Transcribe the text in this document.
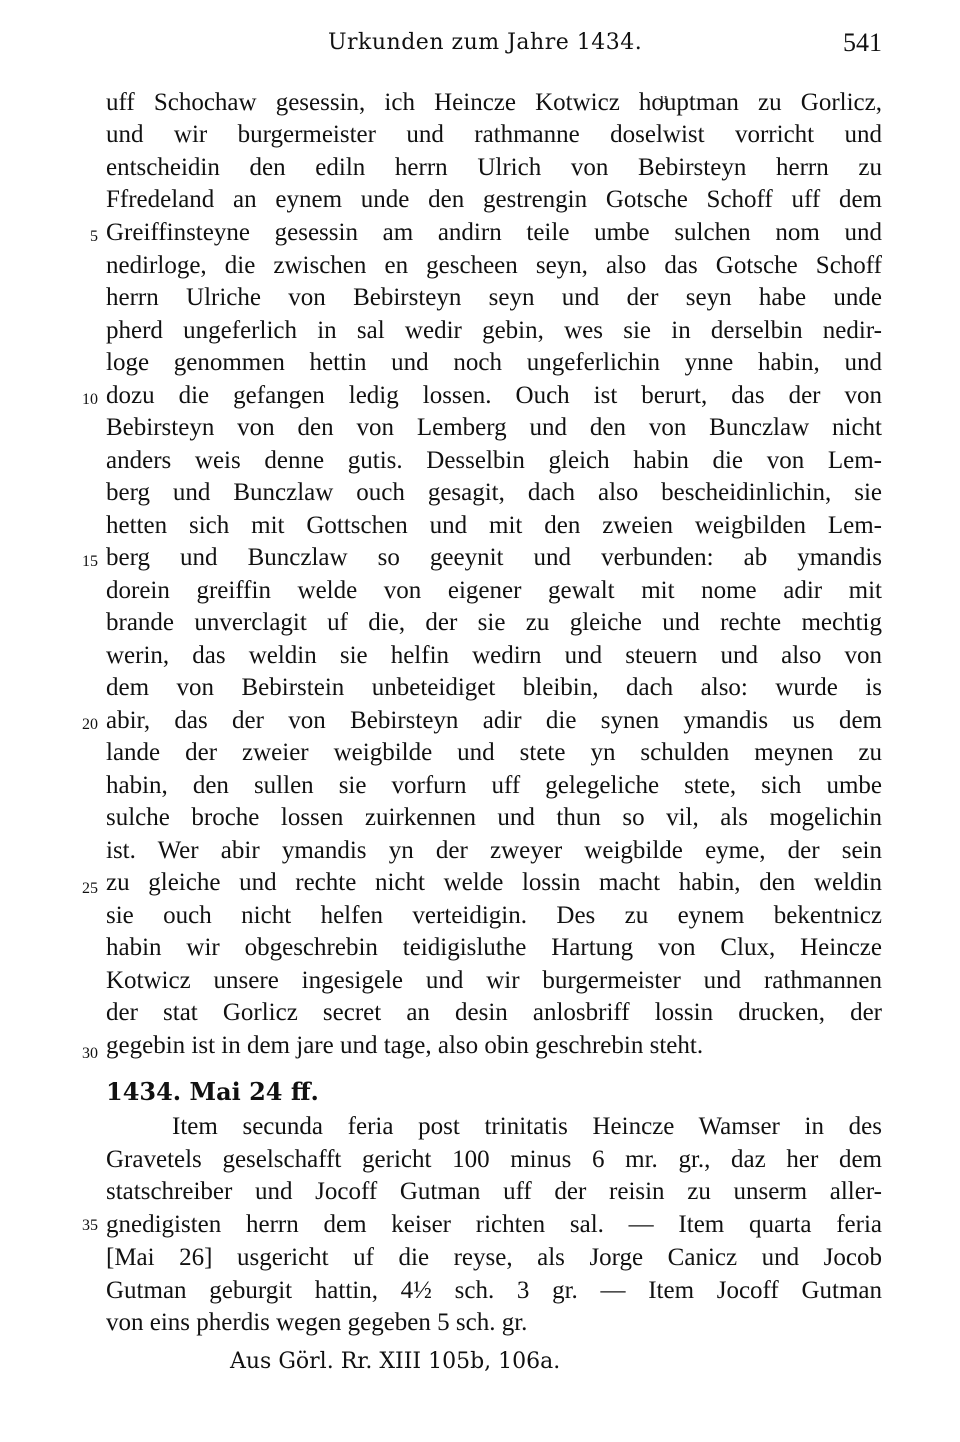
Urkunden zum Jahre 1434.	541
5
10
15
20
25
30
35
uff Schochaw gesessin, ich Heincze Kotwicz hoͧuptman zu Gorlicz,
und wir burgermeister und rathmanne doselwist vorricht und
entscheidin den ediln herrn Ulrich von Bebirsteyn herrn zu
Ffredeland an eynem unde den gestrengin Gotsche Schoff uff dem
Greiffinsteyne gesessin am andirn teile umbe sulchen nom und
nedirloge, die zwischen en gescheen seyn, also das Gotsche Schoff
herrn Ulriche von Bebirsteyn seyn und der seyn habe unde
pherd ungeferlich in sal wedir gebin, wes sie in derselbin nedir-
loge genommen hettin und noch ungeferlichin ynne habin, und
dozu die gefangen ledig lossen. Ouch ist berurt, das der von
Bebirsteyn von den von Lemberg und den von Bunczlaw nicht
anders weis denne gutis. Desselbin gleich habin die von Lem-
berg und Bunczlaw ouch gesagit, dach also bescheidinlichin, sie
hetten sich mit Gottschen und mit den zweien weigbilden Lem-
berg und Bunczlaw so geeynit und verbunden: ab ymandis
dorein greiffin welde von eigener gewalt mit nome adir mit
brande unverclagit uf die, der sie zu gleiche und rechte mechtig
werin, das weldin sie helfin wedirn und steuern und also von
dem von Bebirstein unbeteidiget bleibin, dach also: wurde is
abir, das der von Bebirsteyn adir die synen ymandis us dem
lande der zweier weigbilde und stete yn schulden meynen zu
habin, den sullen sie vorfurn uff gelegeliche stete, sich umbe
sulche broche lossen zuirkennen und thun so vil, als mogelichin
ist. Wer abir ymandis yn der zweyer weigbilde eyme, der sein
zu gleiche und rechte nicht welde lossin macht habin, den weldin
sie ouch nicht helfen verteidigin. Des zu eynem bekentnicz
habin wir obgeschrebin teidigisluthe Hartung von Clux, Heincze
Kotwicz unsere ingesigele und wir burgermeister und rathmannen
der stat Gorlicz secret an desin anlosbriff lossin drucken, der
gegebin ist in dem jare und tage, also obin geschrebin steht.
1434. Mai 24 ff.
Item secunda feria post trinitatis Heincze Wamser in des
Gravetels geselschafft gericht 100 minus 6 mr. gr., daz her dem
statschreiber und Jocoff Gutman uff der reisin zu unserm aller-
gnedigisten herrn dem keiser richten sal. — Item quarta feria
[Mai 26] usgericht uf die reyse, als Jorge Canicz und Jocob
Gutman geburgit hattin, 4½ sch. 3 gr. — Item Jocoff Gutman
von eins pherdis wegen gegeben 5 sch. gr.
Aus Görl. Rr. XIII 105b, 106a.
